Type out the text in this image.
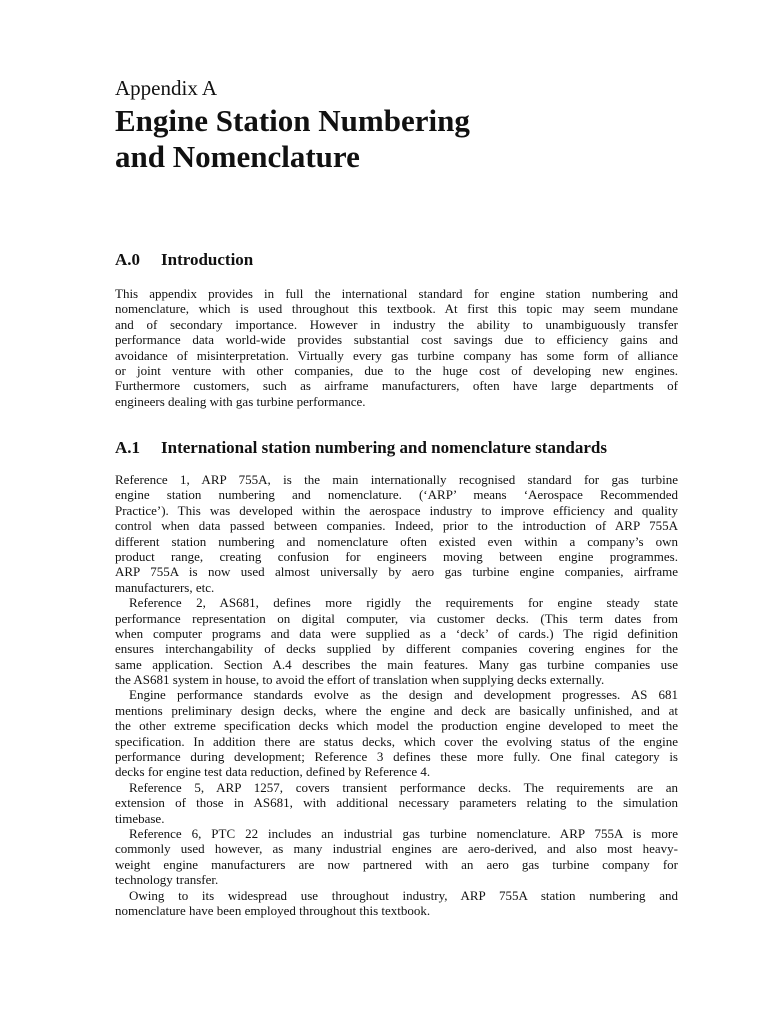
Appendix A
Engine Station Numbering
and Nomenclature
A.0 Introduction
This appendix provides in full the international standard for engine station numbering and
nomenclature, which is used throughout this textbook. At first this topic may seem mundane
and of secondary importance. However in industry the ability to unambiguously transfer
performance data world-wide provides substantial cost savings due to efficiency gains and
avoidance of misinterpretation. Virtually every gas turbine company has some form of alliance
or joint venture with other companies, due to the huge cost of developing new engines.
Furthermore customers, such as airframe manufacturers, often have large departments of
engineers dealing with gas turbine performance.
A.1 International station numbering and nomenclature standards
Reference 1, ARP 755A, is the main internationally recognised standard for gas turbine
engine station numbering and nomenclature. (‘ARP’ means ‘Aerospace Recommended
Practice’). This was developed within the aerospace industry to improve efficiency and quality
control when data passed between companies. Indeed, prior to the introduction of ARP 755A
different station numbering and nomenclature often existed even within a company’s own
product range, creating confusion for engineers moving between engine programmes.
ARP 755A is now used almost universally by aero gas turbine engine companies, airframe
manufacturers, etc.
Reference 2, AS681, defines more rigidly the requirements for engine steady state
performance representation on digital computer, via customer decks. (This term dates from
when computer programs and data were supplied as a ‘deck’ of cards.) The rigid definition
ensures interchangability of decks supplied by different companies covering engines for the
same application. Section A.4 describes the main features. Many gas turbine companies use
the AS681 system in house, to avoid the effort of translation when supplying decks externally.
Engine performance standards evolve as the design and development progresses. AS 681
mentions preliminary design decks, where the engine and deck are basically unfinished, and at
the other extreme specification decks which model the production engine developed to meet the
specification. In addition there are status decks, which cover the evolving status of the engine
performance during development; Reference 3 defines these more fully. One final category is
decks for engine test data reduction, defined by Reference 4.
Reference 5, ARP 1257, covers transient performance decks. The requirements are an
extension of those in AS681, with additional necessary parameters relating to the simulation
timebase.
Reference 6, PTC 22 includes an industrial gas turbine nomenclature. ARP 755A is more
commonly used however, as many industrial engines are aero-derived, and also most heavy-
weight engine manufacturers are now partnered with an aero gas turbine company for
technology transfer.
Owing to its widespread use throughout industry, ARP 755A station numbering and
nomenclature have been employed throughout this textbook.
